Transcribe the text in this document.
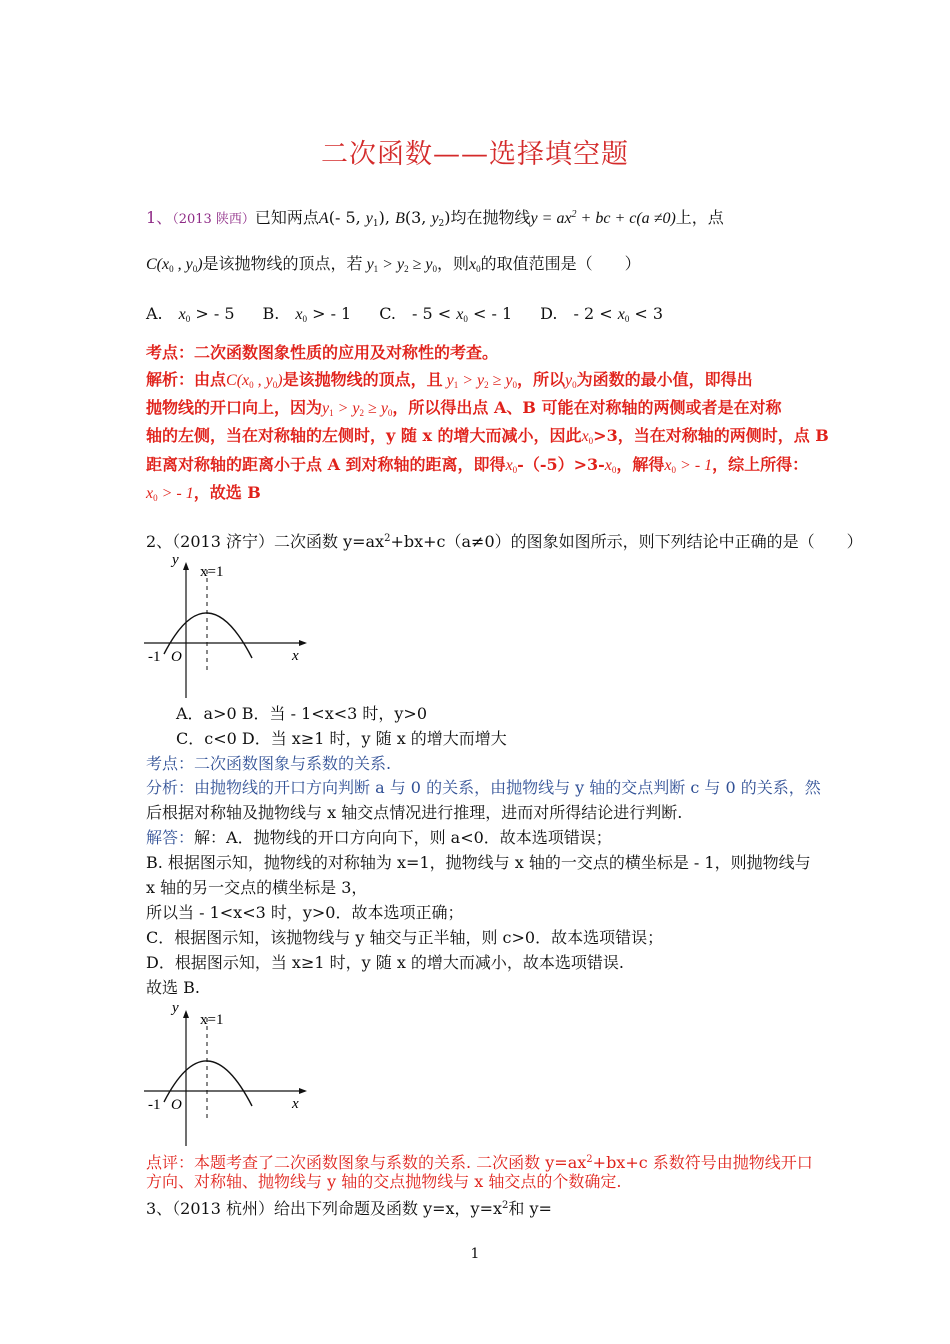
二次函数——选择填空题
1、（2013 陕西）已知两点A(- 5, $y_1$), B(3, $y_2$)均在抛物线$y = ax^2$ + bc + c(a ≠0)上，点
$C(x_0$ , $y_0$)是该抛物线的顶点，若 $y_1 > y_2 \ge y_0$，则$x_0$的取值范围是（　　）
A.　 $x_0$ > - 5 B.　 $x_0$ > - 1 C.　- $5 < x_0$ < - 1 D.　- $2 < x_0 < 3$
考点：二次函数图象性质的应用及对称性的考查。
解析：由点$C(x_0$ , $y_0$)是该抛物线的顶点，且 $y_1 > y_2 \ge y_0$，所以$y_0$为函数的最小值，即得出
抛物线的开口向上，因为$y_1 > y_2 \ge y_0$，所以得出点 A、B 可能在对称轴的两侧或者是在对称
轴的左侧，当在对称轴的左侧时，y 随 x 的增大而减小，因此$x_0>3$，当在对称轴的两侧时，点 B
距离对称轴的距离小于点 A 到对称轴的距离，即得$x_0-(-5)>3-x_0$，解得$x_0$ > - 1，综上所得：
$x_0$ > - 1，故选 B
2、（2013 济宁）二次函数 $y=ax^2+bx+c(a\ne 0)$的图象如图所示，则下列结论中正确的是（　　）
y
x
x=1
O
-1
A．a>0 B．当 - 1<x<3 时，y>0
C．c<0 D．当 x≥1 时，y 随 x 的增大而增大
考点：二次函数图象与系数的关系.
分析：由抛物线的开口方向判断 a 与 0 的关系，由抛物线与 y 轴的交点判断 c 与 0 的关系，然
后根据对称轴及抛物线与 x 轴交点情况进行推理，进而对所得结论进行判断.
解答：解：A．抛物线的开口方向向下，则 a<0．故本选项错误；
B. 根据图示知，抛物线的对称轴为 x=1，抛物线与 x 轴的一交点的横坐标是 - 1，则抛物线与
x 轴的另一交点的横坐标是 3，
所以当 - 1<x<3 时，y>0．故本选项正确；
C．根据图示知，该抛物线与 y 轴交与正半轴，则 c>0．故本选项错误；
D．根据图示知，当 x≥1 时，y 随 x 的增大而减小，故本选项错误.
故选 B.
y
x
x=1
O
-1
点评：本题考查了二次函数图象与系数的关系. 二次函数 $y=ax^2+bx+c$ 系数符号由抛物线开口
方向、对称轴、抛物线与 y 轴的交点抛物线与 x 轴交点的个数确定.
3、（2013 杭州）给出下列命题及函数 y=x，$y=x^2$和 y=
1
